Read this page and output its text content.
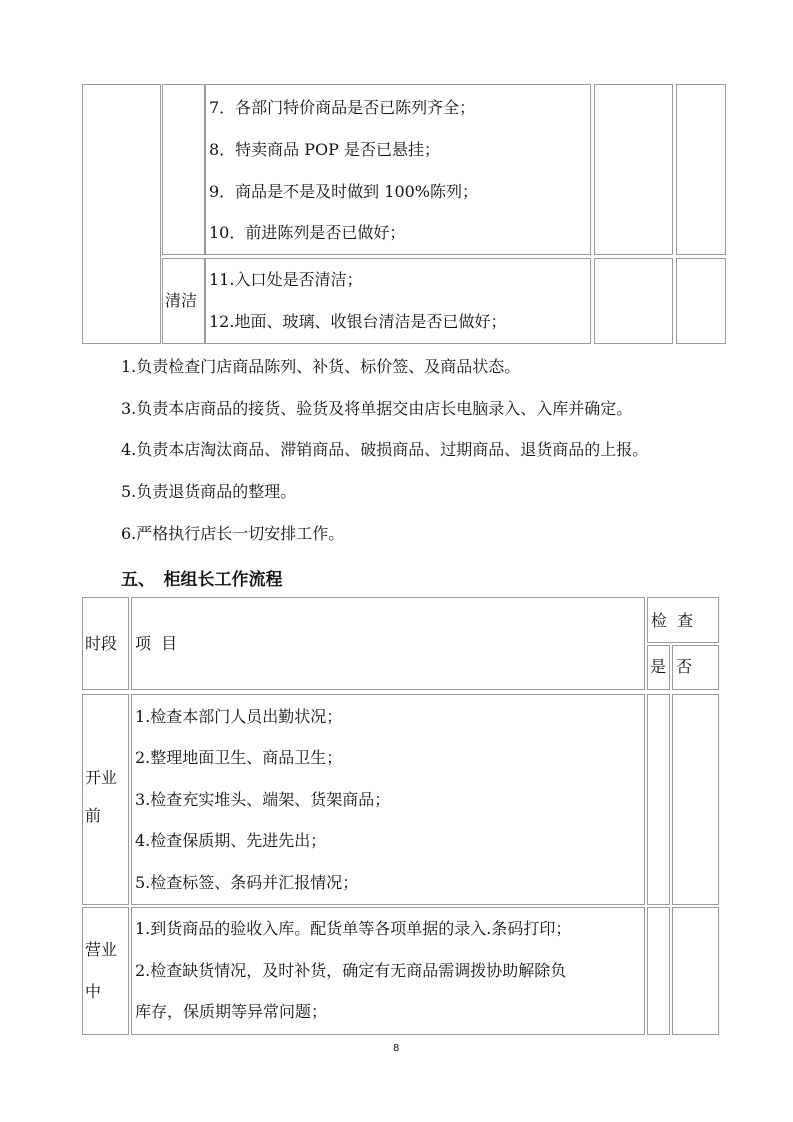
7．各部门特价商品是否已陈列齐全；
8．特卖商品 POP 是否已悬挂；
9．商品是不是及时做到 100%陈列；
10．前进陈列是否已做好；
清洁
11.入口处是否清洁；
12.地面、玻璃、收银台清洁是否已做好；
1.负责检查门店商品陈列、补货、标价签、及商品状态。
3.负责本店商品的接货、验货及将单据交由店长电脑录入、入库并确定。
4.负责本店淘汰商品、滞销商品、破损商品、过期商品、退货商品的上报。
5.负责退货商品的整理。
6.严格执行店长一切安排工作。
五、　柜组长工作流程
时段 项  目
检  查
是 否
开业
前
1.检查本部门人员出勤状况；
2.整理地面卫生、商品卫生；
3.检查充实堆头、端架、货架商品；
4.检查保质期、先进先出；
5.检查标签、条码并汇报情况；
营业
中
1.到货商品的验收入库。配货单等各项单据的录入.条码打印；
2.检查缺货情况，及时补货，确定有无商品需调拨协助解除负
库存，保质期等异常问题；
8
